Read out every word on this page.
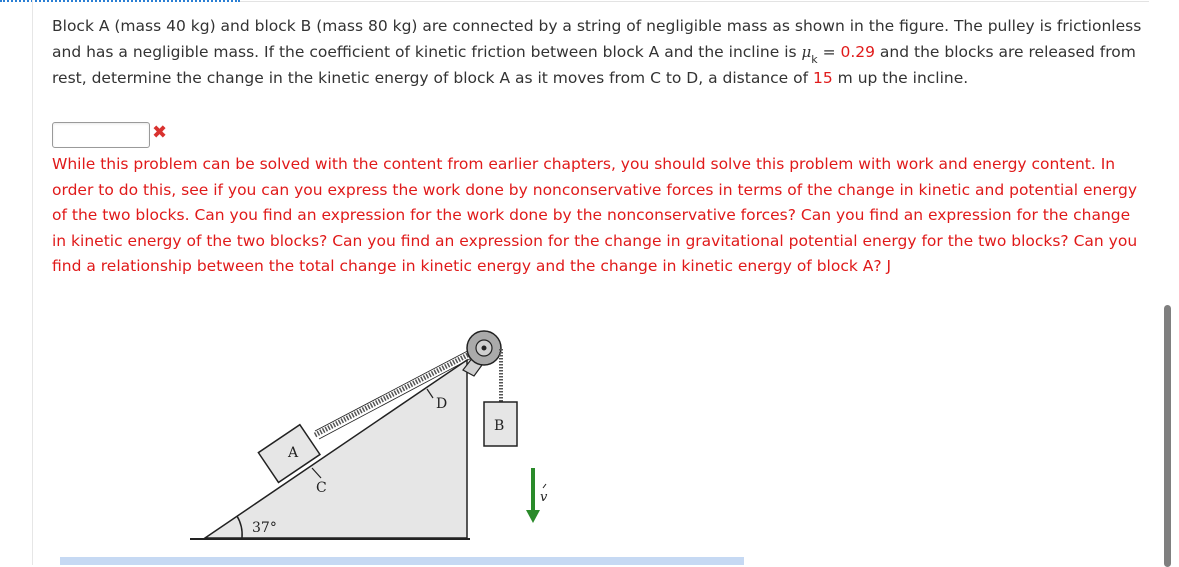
Block A (mass 40 kg) and block B (mass 80 kg) are connected by a string of negligible mass as shown in the figure. The pulley is frictionless and has a negligible mass. If the coefficient of kinetic friction between block A and the incline is $\mu_k = 0.29$ and the blocks are released from rest, determine the change in the kinetic energy of block A as it moves from C to D, a distance of 15 m up the incline.
✖
While this problem can be solved with the content from earlier chapters, you should solve this problem with work and energy content. In order to do this, see if you can you express the work done by nonconservative forces in terms of the change in kinetic and potential energy of the two blocks. Can you find an expression for the work done by the nonconservative forces? Can you find an expression for the change in kinetic energy of the two blocks? Can you find an expression for the change in gravitational potential energy for the two blocks? Can you find a relationship between the total change in kinetic energy and the change in kinetic energy of block A? J
37°
A
C
D
B
v
